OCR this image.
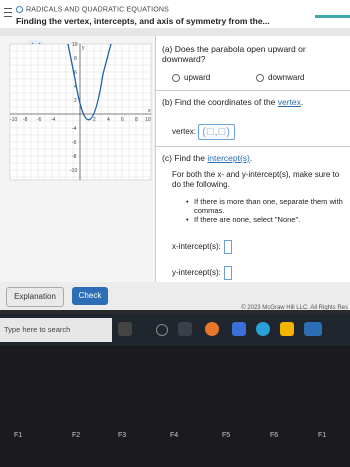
RADICALS AND QUADRATIC EQUATIONS
Finding the vertex, intercepts, and axis of symmetry from the...
-10 -8 -6 -4	2 4 6 8 10
x
10
8
6
4
2
-4
-6
-8
-10
y	(a) Does the parabola open upward or downward?
upward	downward
(b) Find the coordinates of the vertex.
vertex: (□,□)
(c) Find the intercept(s).
For both the x- and y-intercept(s), make sure to do the following.
• If there is more than one, separate them with commas.
• If there are none, select "None".
x-intercept(s):
y-intercept(s):
Explanation	Check
© 2023 McGraw Hill LLC. All Rights Res
Type here to search
F1	F2	F3	F4	F5	F6	F1
